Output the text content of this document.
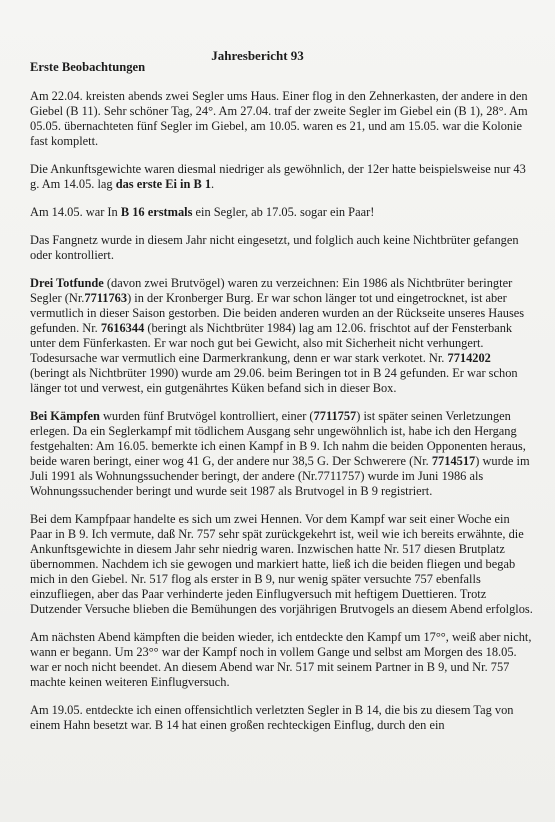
Jahresbericht 93
Erste Beobachtungen

Am 22.04. kreisten abends zwei Segler ums Haus. Einer flog in den Zehnerkasten, der andere in den Giebel (B 11). Sehr schöner Tag, 24°. Am 27.04. traf der zweite Segler im Giebel ein (B 1), 28°. Am 05.05. übernachteten fünf Segler im Giebel, am 10.05. waren es 21, und am 15.05. war die Kolonie fast komplett.

Die Ankunftsgewichte waren diesmal niedriger als gewöhnlich, der 12er hatte beispielsweise nur 43 g. Am 14.05. lag das erste Ei in B 1.

Am 14.05. war In B 16 erstmals ein Segler, ab 17.05. sogar ein Paar!

Das Fangnetz wurde in diesem Jahr nicht eingesetzt, und folglich auch keine Nichtbrüter gefangen oder kontrolliert.

Drei Totfunde (davon zwei Brutvögel) waren zu verzeichnen: Ein 1986 als Nichtbrüter beringter Segler (Nr.7711763) in der Kronberger Burg. Er war schon länger tot und eingetrocknet, ist aber vermutlich in dieser Saison gestorben. Die beiden anderen wurden an der Rückseite unseres Hauses gefunden. Nr. 7616344 (beringt als Nichtbrüter 1984) lag am 12.06. frischtot auf der Fensterbank unter dem Fünferkasten. Er war noch gut bei Gewicht, also mit Sicherheit nicht verhungert. Todesursache war vermutlich eine Darmerkrankung, denn er war stark verkotet. Nr. 7714202 (beringt als Nichtbrüter 1990) wurde am 29.06. beim Beringen tot in B 24 gefunden. Er war schon länger tot und verwest, ein gutgenährtes Küken befand sich in dieser Box.

Bei Kämpfen wurden fünf Brutvögel kontrolliert, einer (7711757) ist später seinen Verletzungen erlegen. Da ein Seglerkampf mit tödlichem Ausgang sehr ungewöhnlich ist, habe ich den Hergang festgehalten: Am 16.05. bemerkte ich einen Kampf in B 9. Ich nahm die beiden Opponenten heraus, beide waren beringt, einer wog 41 G, der andere nur 38,5 G. Der Schwerere (Nr. 7714517) wurde im Juli 1991 als Wohnungssuchender beringt, der andere (Nr.7711757) wurde im Juni 1986 als Wohnungssuchender beringt und wurde seit 1987 als Brutvogel in B 9 registriert.

Bei dem Kampfpaar handelte es sich um zwei Hennen. Vor dem Kampf war seit einer Woche ein Paar in B 9. Ich vermute, daß Nr. 757 sehr spät zurückgekehrt ist, weil wie ich bereits erwähnte, die Ankunftsgewichte in diesem Jahr sehr niedrig waren. Inzwischen hatte Nr. 517 diesen Brutplatz übernommen. Nachdem ich sie gewogen und markiert hatte, ließ ich die beiden fliegen und begab mich in den Giebel. Nr. 517 flog als erster in B 9, nur wenig später versuchte 757 ebenfalls einzufliegen, aber das Paar verhinderte jeden Einflugversuch mit heftigem Duettieren. Trotz Dutzender Versuche blieben die Bemühungen des vorjährigen Brutvogels an diesem Abend erfolglos.

Am nächsten Abend kämpften die beiden wieder, ich entdeckte den Kampf um 17°°, weiß aber nicht, wann er begann. Um 23°° war der Kampf noch in vollem Gange und selbst am Morgen des 18.05. war er noch nicht beendet. An diesem Abend war Nr. 517 mit seinem Partner in B 9, und Nr. 757 machte keinen weiteren Einflugversuch.

Am 19.05. entdeckte ich einen offensichtlich verletzten Segler in B 14, die bis zu diesem Tag von einem Hahn besetzt war. B 14 hat einen großen rechteckigen Einflug, durch den ein
